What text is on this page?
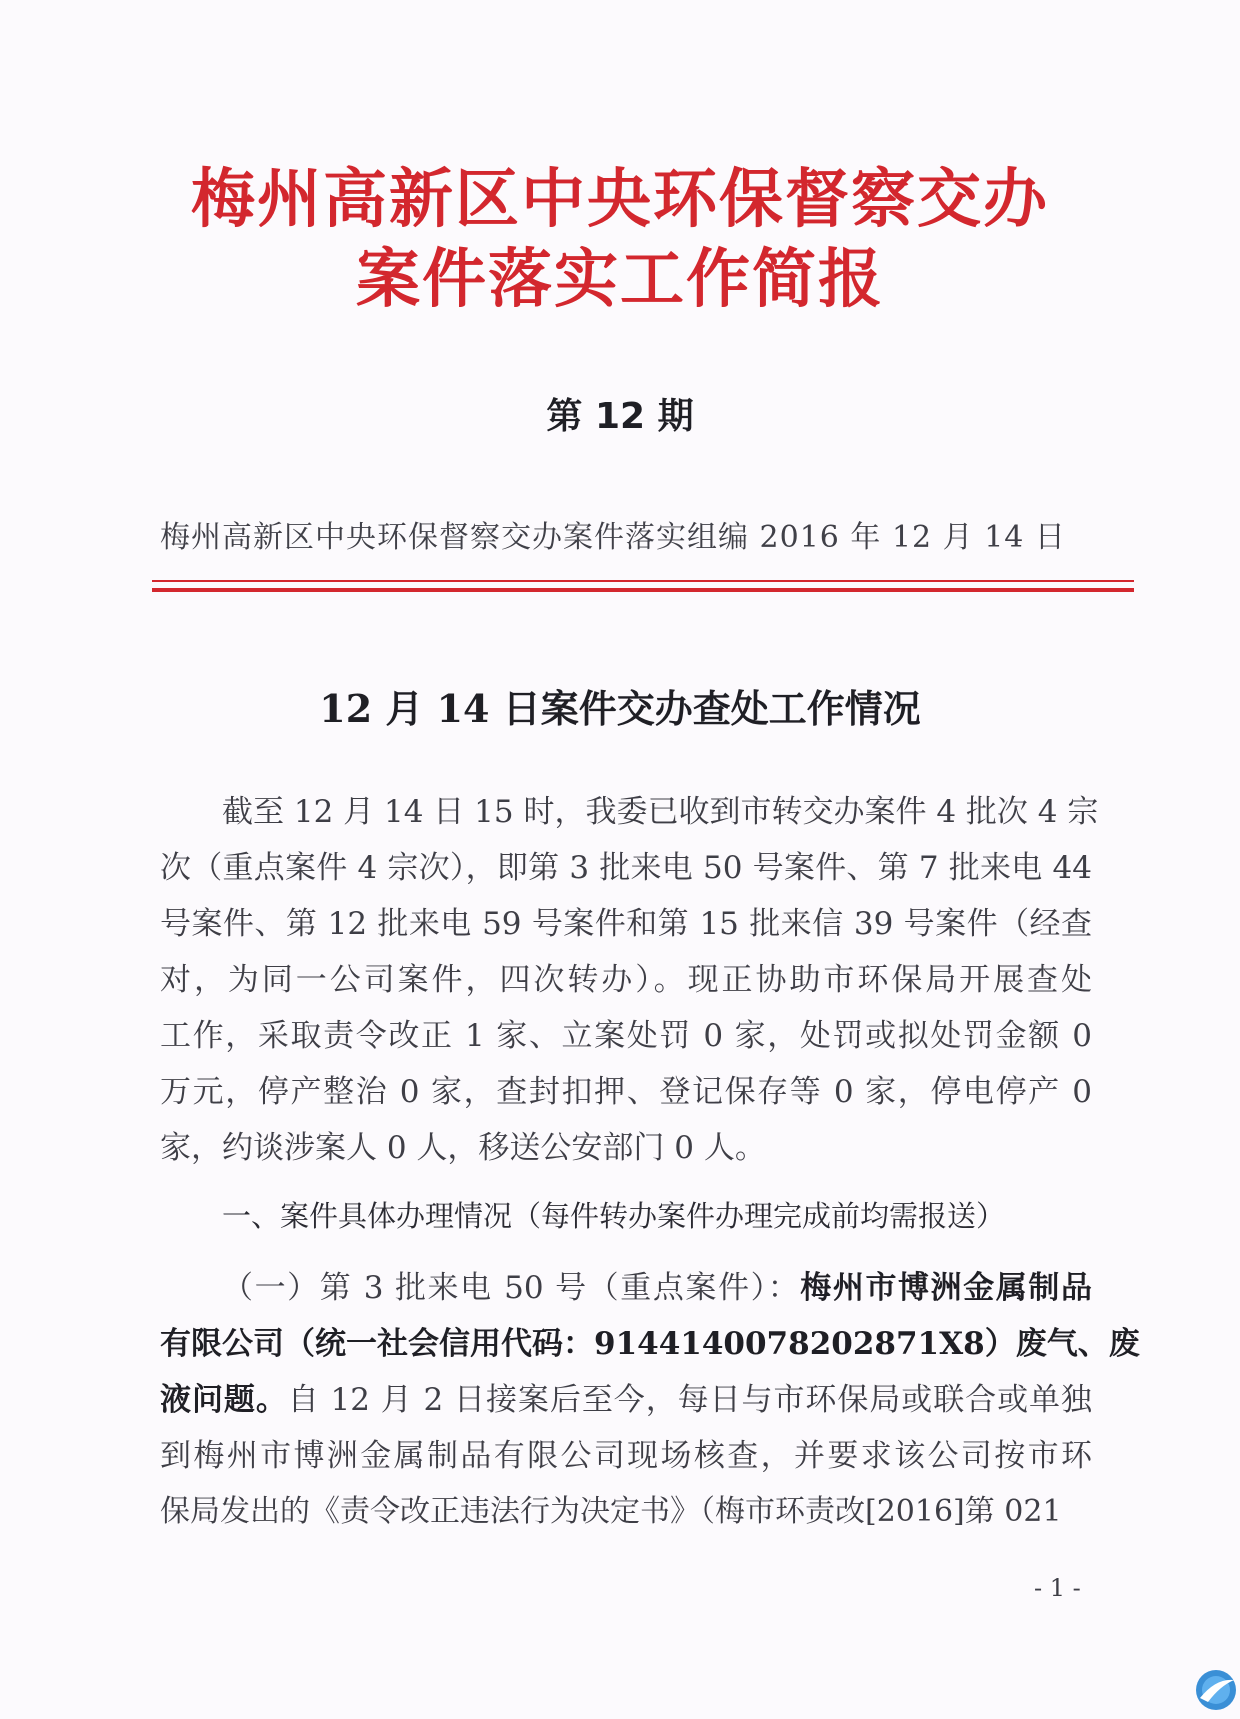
梅州高新区中央环保督察交办
案件落实工作简报
第 12 期
梅州高新区中央环保督察交办案件落实组编 2016 年 12 月 14 日
12 月 14 日案件交办查处工作情况
截至 12 月 14 日 15 时，我委已收到市转交办案件 4 批次 4 宗
次（重点案件 4 宗次），即第 3 批来电 50 号案件、第 7 批来电 44
号案件、第 12 批来电 59 号案件和第 15 批来信 39 号案件（经查
对，为同一公司案件，四次转办）。现正协助市环保局开展查处
工作，采取责令改正 1 家、立案处罚 0 家，处罚或拟处罚金额 0
万元，停产整治 0 家，查封扣押、登记保存等 0 家，停电停产 0
家，约谈涉案人 0 人，移送公安部门 0 人。
一、案件具体办理情况（每件转办案件办理完成前均需报送）
（一）第 3 批来电 50 号（重点案件）：梅州市博洲金属制品
有限公司（统一社会信用代码：9144140078202871X8）废气、废
液问题。自 12 月 2 日接案后至今，每日与市环保局或联合或单独
到梅州市博洲金属制品有限公司现场核查，并要求该公司按市环
保局发出的《责令改正违法行为决定书》（梅市环责改[2016]第 021
- 1 -
